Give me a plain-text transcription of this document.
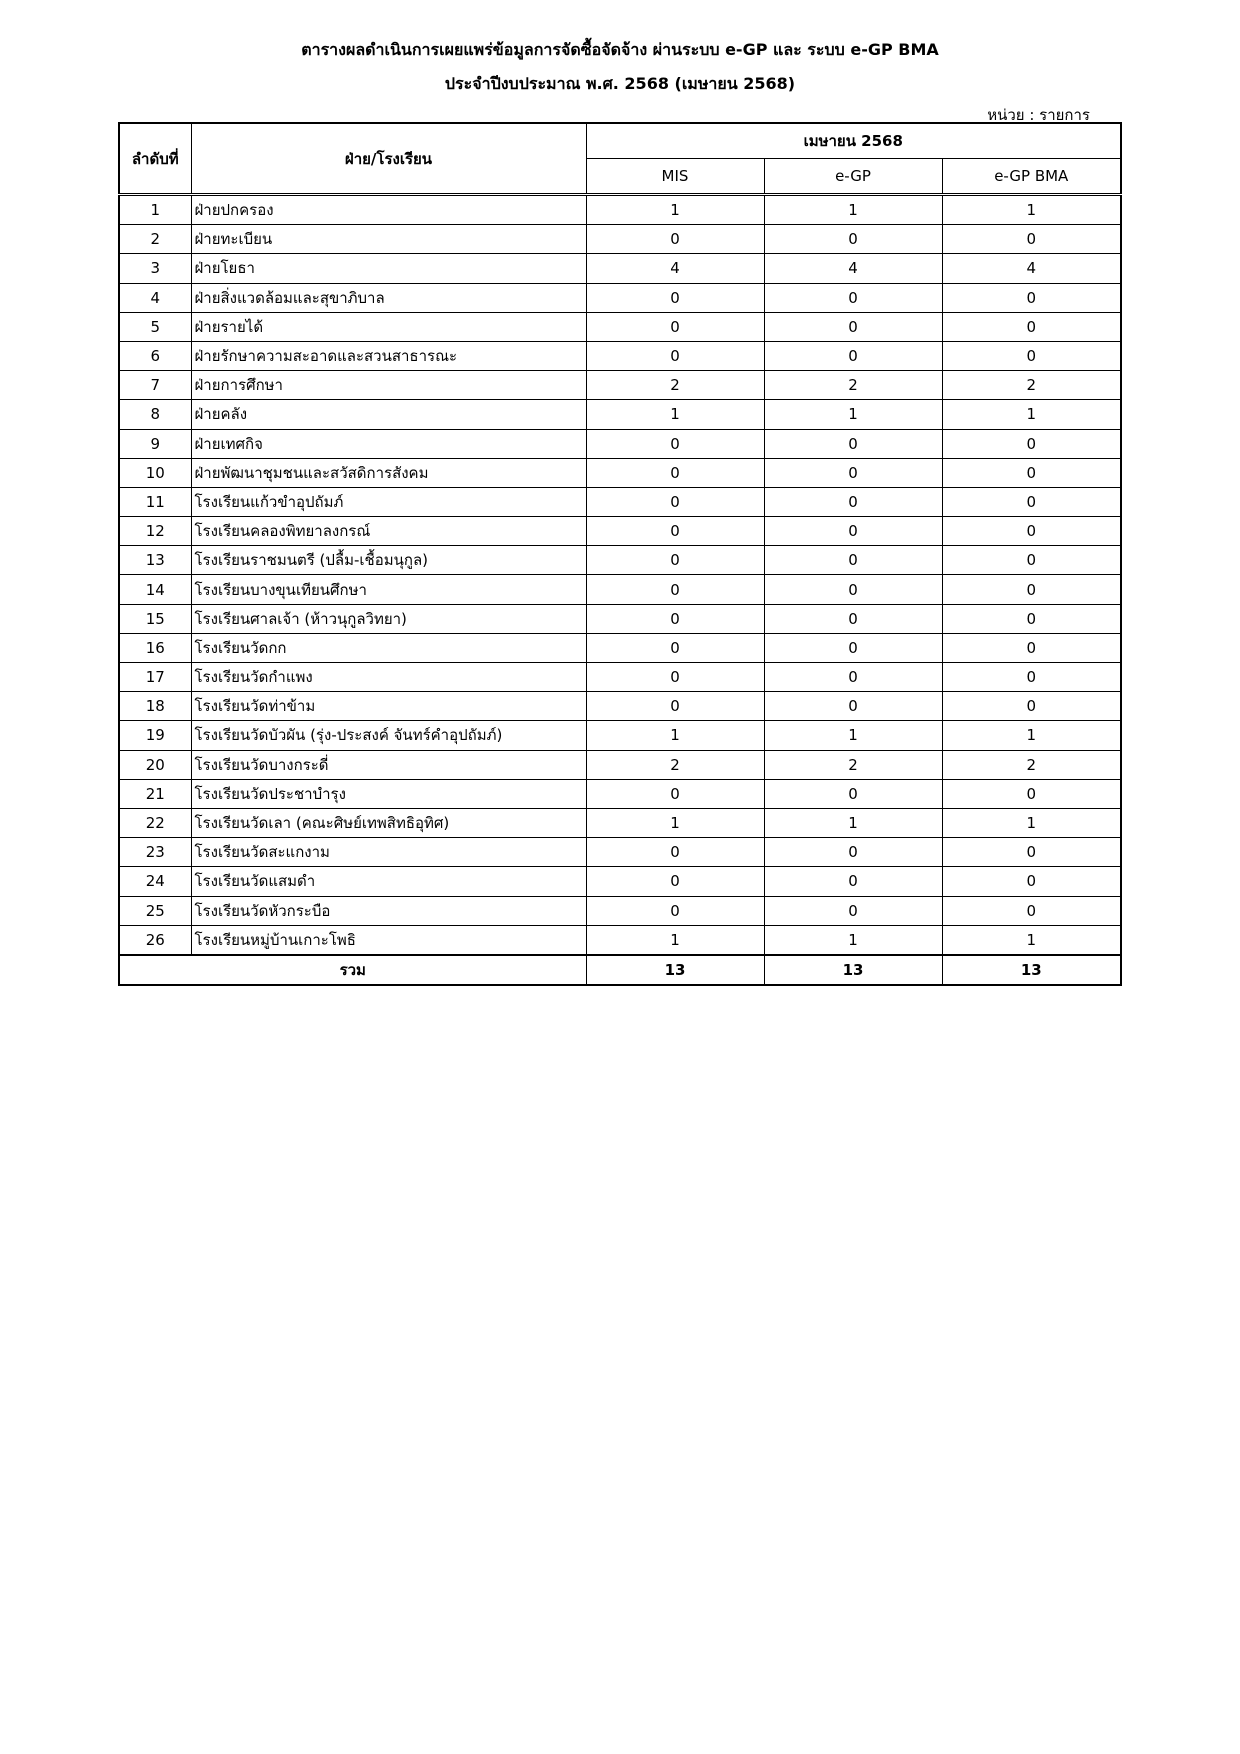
ตารางผลดำเนินการเผยแพร่ข้อมูลการจัดซื้อจัดจ้าง ผ่านระบบ e-GP และ ระบบ e-GP BMA
ประจำปีงบประมาณ พ.ศ. 2568 (เมษายน 2568)
หน่วย : รายการ
ลำดับที่	ฝ่าย/โรงเรียน	เมษายน 2568		
		MIS	e-GP	e-GP BMA
1	ฝ่ายปกครอง	1	1	1
2	ฝ่ายทะเบียน	0	0	0
3	ฝ่ายโยธา	4	4	4
4	ฝ่ายสิ่งแวดล้อมและสุขาภิบาล	0	0	0
5	ฝ่ายรายได้	0	0	0
6	ฝ่ายรักษาความสะอาดและสวนสาธารณะ	0	0	0
7	ฝ่ายการศึกษา	2	2	2
8	ฝ่ายคลัง	1	1	1
9	ฝ่ายเทศกิจ	0	0	0
10	ฝ่ายพัฒนาชุมชนและสวัสดิการสังคม	0	0	0
11	โรงเรียนแก้วขำอุปถัมภ์	0	0	0
12	โรงเรียนคลองพิทยาลงกรณ์	0	0	0
13	โรงเรียนราชมนตรี (ปลื้ม-เชื้อมนุกูล)	0	0	0
14	โรงเรียนบางขุนเทียนศึกษา	0	0	0
15	โรงเรียนศาลเจ้า (ห้าวนุกูลวิทยา)	0	0	0
16	โรงเรียนวัดกก	0	0	0
17	โรงเรียนวัดกำแพง	0	0	0
18	โรงเรียนวัดท่าข้าม	0	0	0
19	โรงเรียนวัดบัวผัน (รุ่ง-ประสงค์ จันทร์คำอุปถัมภ์)	1	1	1
20	โรงเรียนวัดบางกระดี่	2	2	2
21	โรงเรียนวัดประชาบำรุง	0	0	0
22	โรงเรียนวัดเลา (คณะศิษย์เทพสิทธิอุทิศ)	1	1	1
23	โรงเรียนวัดสะแกงาม	0	0	0
24	โรงเรียนวัดแสมดำ	0	0	0
25	โรงเรียนวัดหัวกระบือ	0	0	0
26	โรงเรียนหมู่บ้านเกาะโพธิ	1	1	1
รวม		13	13	13
